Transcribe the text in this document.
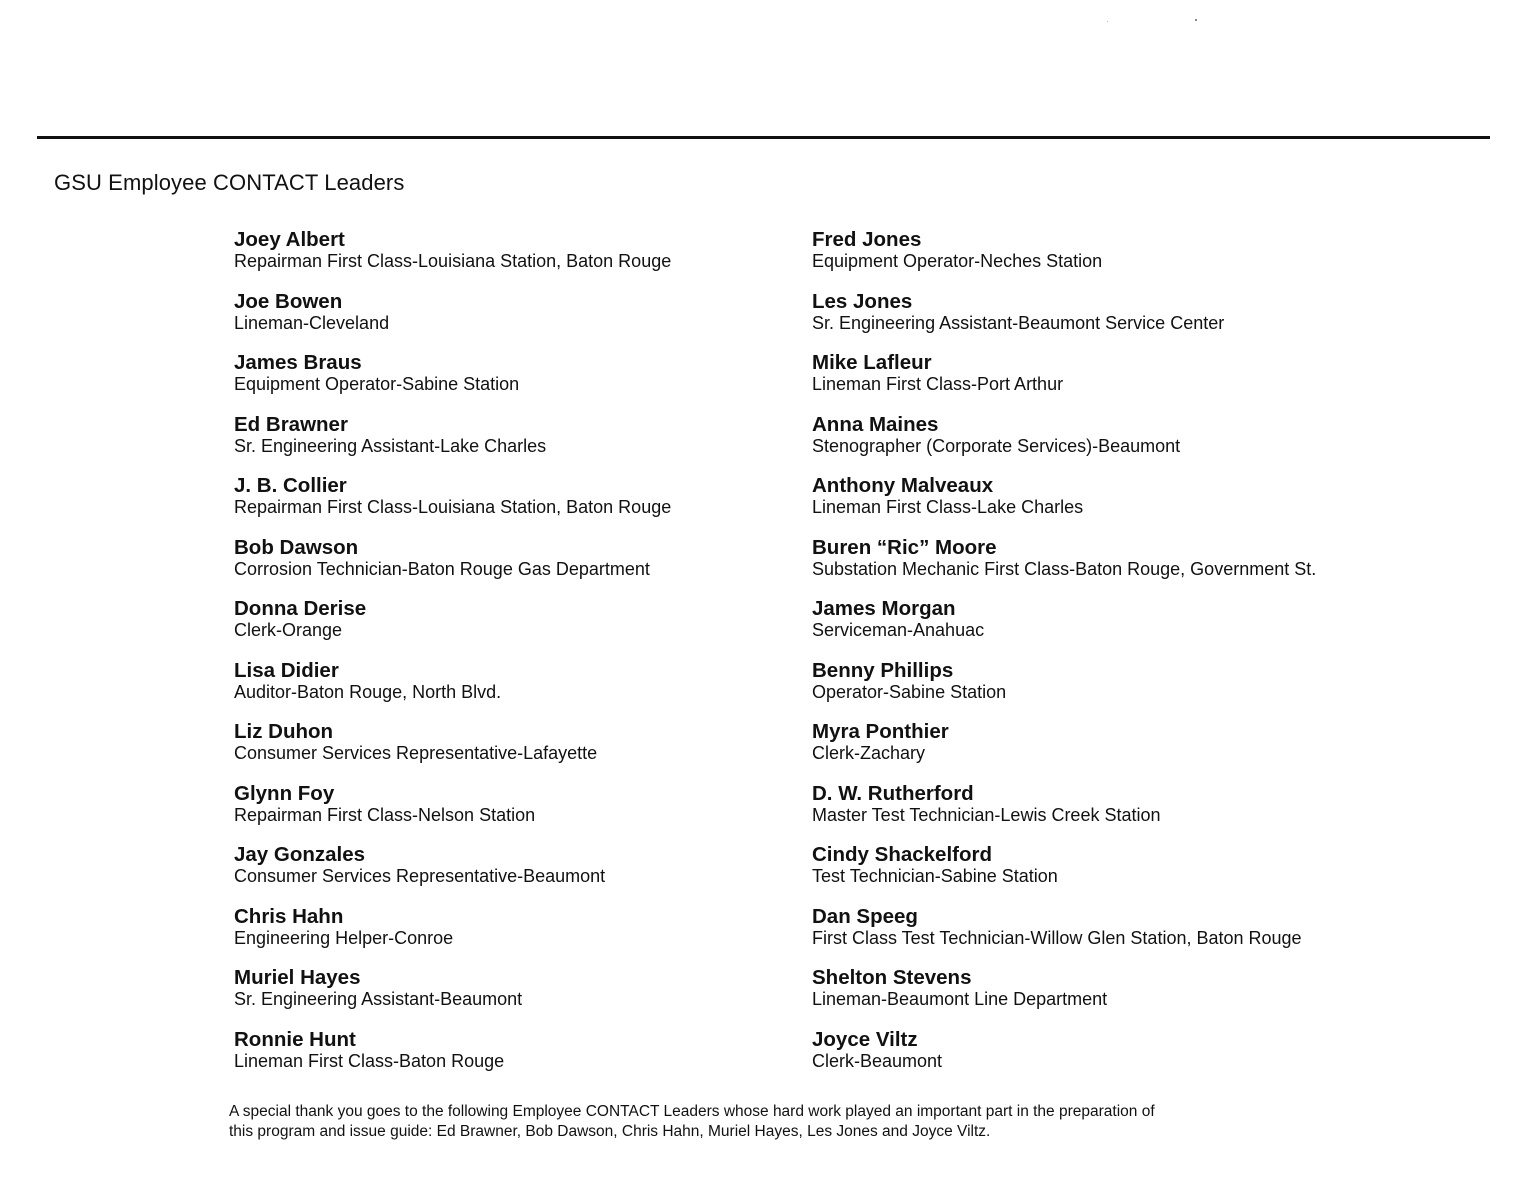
GSU Employee CONTACT Leaders
Joey Albert
Repairman First Class-Louisiana Station, Baton Rouge
Joe Bowen
Lineman-Cleveland
James Braus
Equipment Operator-Sabine Station
Ed Brawner
Sr. Engineering Assistant-Lake Charles
J. B. Collier
Repairman First Class-Louisiana Station, Baton Rouge
Bob Dawson
Corrosion Technician-Baton Rouge Gas Department
Donna Derise
Clerk-Orange
Lisa Didier
Auditor-Baton Rouge, North Blvd.
Liz Duhon
Consumer Services Representative-Lafayette
Glynn Foy
Repairman First Class-Nelson Station
Jay Gonzales
Consumer Services Representative-Beaumont
Chris Hahn
Engineering Helper-Conroe
Muriel Hayes
Sr. Engineering Assistant-Beaumont
Ronnie Hunt
Lineman First Class-Baton Rouge
Fred Jones
Equipment Operator-Neches Station
Les Jones
Sr. Engineering Assistant-Beaumont Service Center
Mike Lafleur
Lineman First Class-Port Arthur
Anna Maines
Stenographer (Corporate Services)-Beaumont
Anthony Malveaux
Lineman First Class-Lake Charles
Buren “Ric” Moore
Substation Mechanic First Class-Baton Rouge, Government St.
James Morgan
Serviceman-Anahuac
Benny Phillips
Operator-Sabine Station
Myra Ponthier
Clerk-Zachary
D. W. Rutherford
Master Test Technician-Lewis Creek Station
Cindy Shackelford
Test Technician-Sabine Station
Dan Speeg
First Class Test Technician-Willow Glen Station, Baton Rouge
Shelton Stevens
Lineman-Beaumont Line Department
Joyce Viltz
Clerk-Beaumont

A special thank you goes to the following Employee CONTACT Leaders whose hard work played an important part in the preparation of
this program and issue guide: Ed Brawner, Bob Dawson, Chris Hahn, Muriel Hayes, Les Jones and Joyce Viltz.
